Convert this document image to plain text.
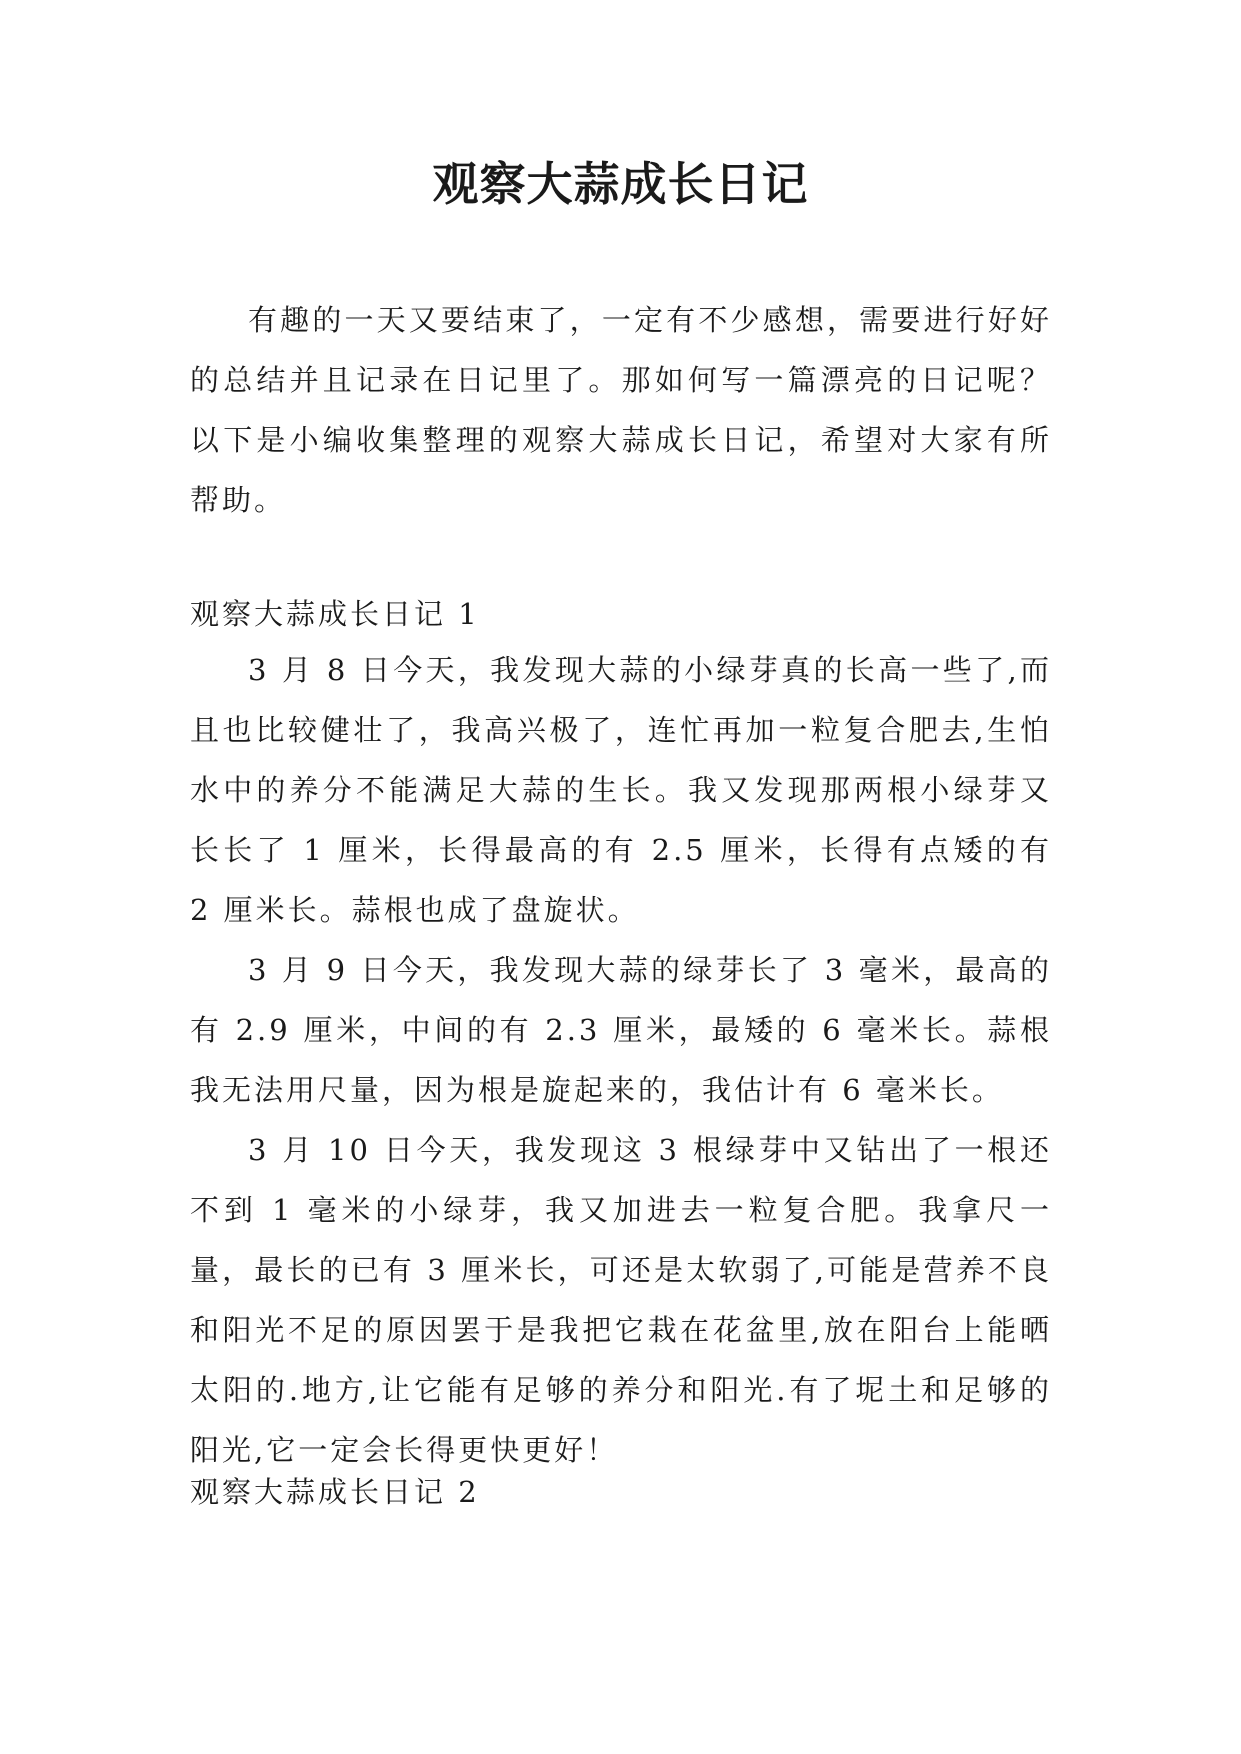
观察大蒜成长日记

有趣的一天又要结束了，一定有不少感想，需要进行好好的总结并且记录在日记里了。那如何写一篇漂亮的日记呢？以下是小编收集整理的观察大蒜成长日记，希望对大家有所帮助。

观察大蒜成长日记 1

3 月 8 日今天，我发现大蒜的小绿芽真的长高一些了,而且也比较健壮了，我高兴极了，连忙再加一粒复合肥去,生怕水中的养分不能满足大蒜的生长。我又发现那两根小绿芽又长长了 1 厘米，长得最高的有 2.5 厘米，长得有点矮的有 2 厘米长。蒜根也成了盘旋状。

3 月 9 日今天，我发现大蒜的绿芽长了 3 毫米，最高的有 2.9 厘米，中间的有 2.3 厘米，最矮的 6 毫米长。蒜根我无法用尺量，因为根是旋起来的，我估计有 6 毫米长。

3 月 10 日今天，我发现这 3 根绿芽中又钻出了一根还不到 1 毫米的小绿芽，我又加进去一粒复合肥。我拿尺一量，最长的已有 3 厘米长，可还是太软弱了,可能是营养不良和阳光不足的原因罢于是我把它栽在花盆里,放在阳台上能晒太阳的.地方,让它能有足够的养分和阳光.有了坭土和足够的阳光,它一定会长得更快更好！

观察大蒜成长日记 2
